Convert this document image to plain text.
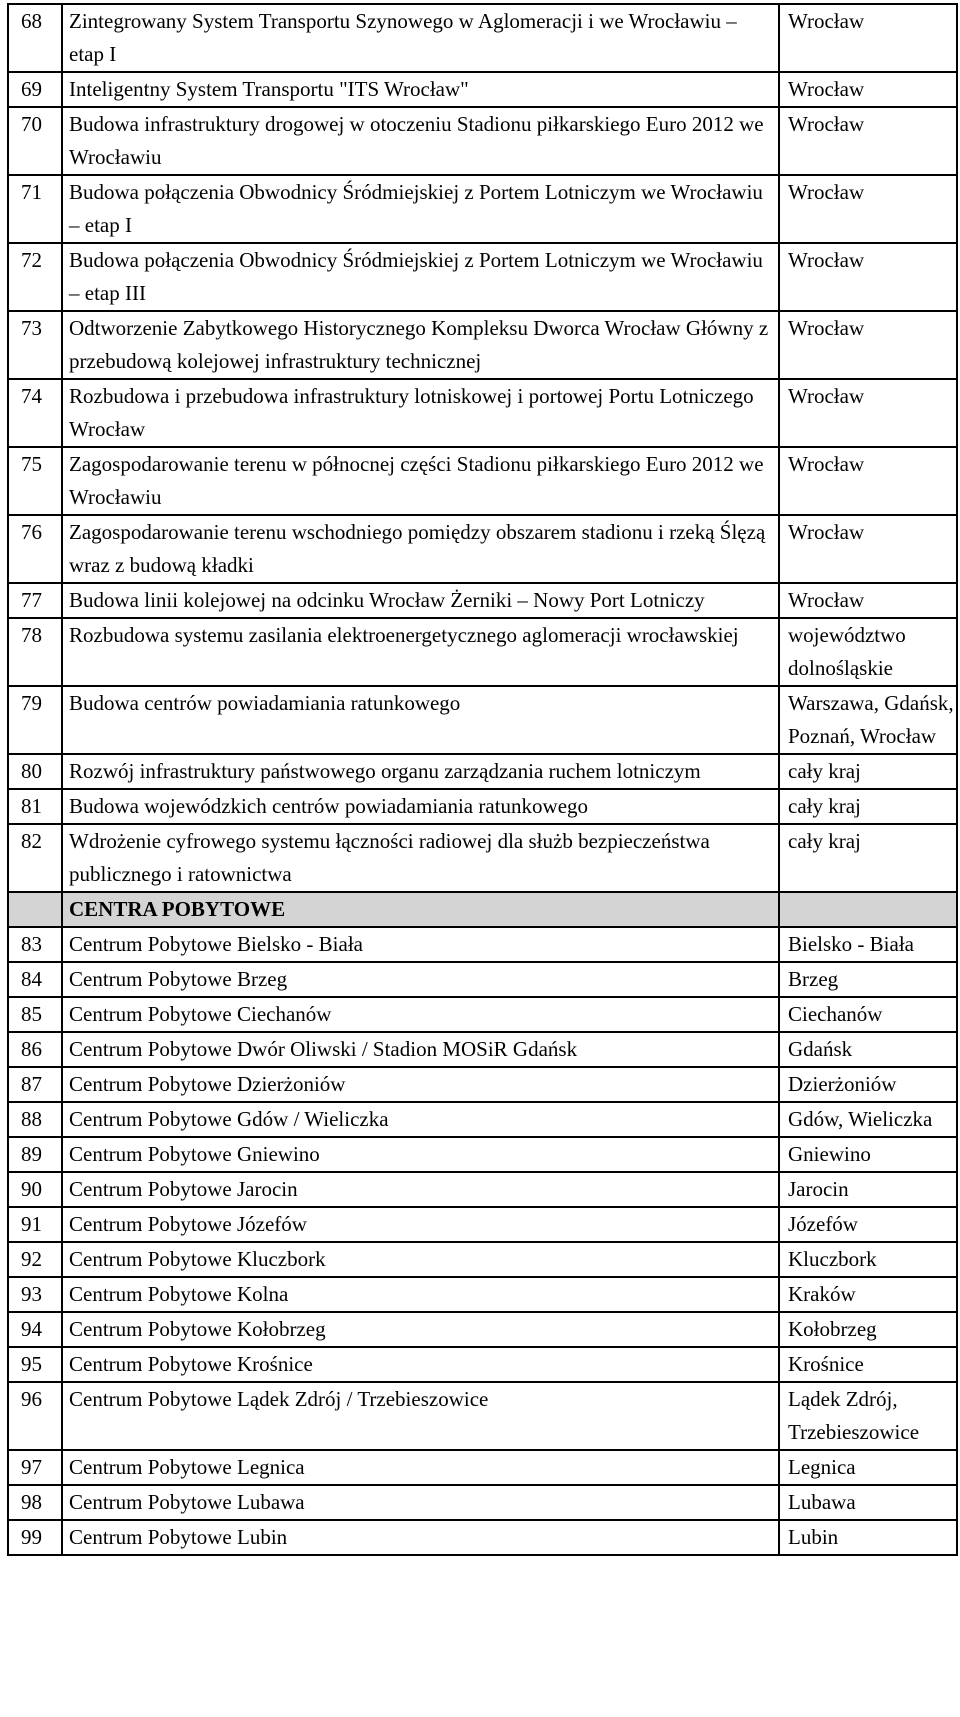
68	Zintegrowany System Transportu Szynowego w Aglomeracji i we Wrocławiu – etap I	Wrocław
69	Inteligentny System Transportu "ITS Wrocław"	Wrocław
70	Budowa infrastruktury drogowej w otoczeniu Stadionu piłkarskiego Euro 2012 we Wrocławiu	Wrocław
71	Budowa połączenia Obwodnicy Śródmiejskiej z Portem Lotniczym we Wrocławiu – etap I	Wrocław
72	Budowa połączenia Obwodnicy Śródmiejskiej z Portem Lotniczym we Wrocławiu – etap III	Wrocław
73	Odtworzenie Zabytkowego Historycznego Kompleksu Dworca Wrocław Główny z przebudową kolejowej infrastruktury technicznej	Wrocław
74	Rozbudowa i przebudowa infrastruktury lotniskowej i portowej Portu Lotniczego Wrocław	Wrocław
75	Zagospodarowanie terenu w północnej części Stadionu piłkarskiego Euro 2012 we Wrocławiu	Wrocław
76	Zagospodarowanie terenu wschodniego pomiędzy obszarem stadionu i rzeką Ślęzą wraz z budową kładki	Wrocław
77	Budowa linii kolejowej na odcinku Wrocław Żerniki – Nowy Port Lotniczy	Wrocław
78	Rozbudowa systemu zasilania elektroenergetycznego aglomeracji wrocławskiej	województwo dolnośląskie
79	Budowa centrów powiadamiania ratunkowego	Warszawa, Gdańsk, Poznań, Wrocław
80	Rozwój infrastruktury państwowego organu zarządzania ruchem lotniczym	cały kraj
81	Budowa wojewódzkich centrów powiadamiania ratunkowego	cały kraj
82	Wdrożenie cyfrowego systemu łączności radiowej dla służb bezpieczeństwa publicznego i ratownictwa	cały kraj
	CENTRA POBYTOWE	
83	Centrum Pobytowe Bielsko - Biała	Bielsko - Biała
84	Centrum Pobytowe Brzeg	Brzeg
85	Centrum Pobytowe Ciechanów	Ciechanów
86	Centrum Pobytowe Dwór Oliwski / Stadion MOSiR Gdańsk	Gdańsk
87	Centrum Pobytowe Dzierżoniów	Dzierżoniów
88	Centrum Pobytowe Gdów / Wieliczka	Gdów, Wieliczka
89	Centrum Pobytowe Gniewino	Gniewino
90	Centrum Pobytowe Jarocin	Jarocin
91	Centrum Pobytowe Józefów	Józefów
92	Centrum Pobytowe Kluczbork	Kluczbork
93	Centrum Pobytowe Kolna	Kraków
94	Centrum Pobytowe Kołobrzeg	Kołobrzeg
95	Centrum Pobytowe Krośnice	Krośnice
96	Centrum Pobytowe Lądek Zdrój / Trzebieszowice	Lądek Zdrój, Trzebieszowice
97	Centrum Pobytowe Legnica	Legnica
98	Centrum Pobytowe Lubawa	Lubawa
99	Centrum Pobytowe Lubin	Lubin
